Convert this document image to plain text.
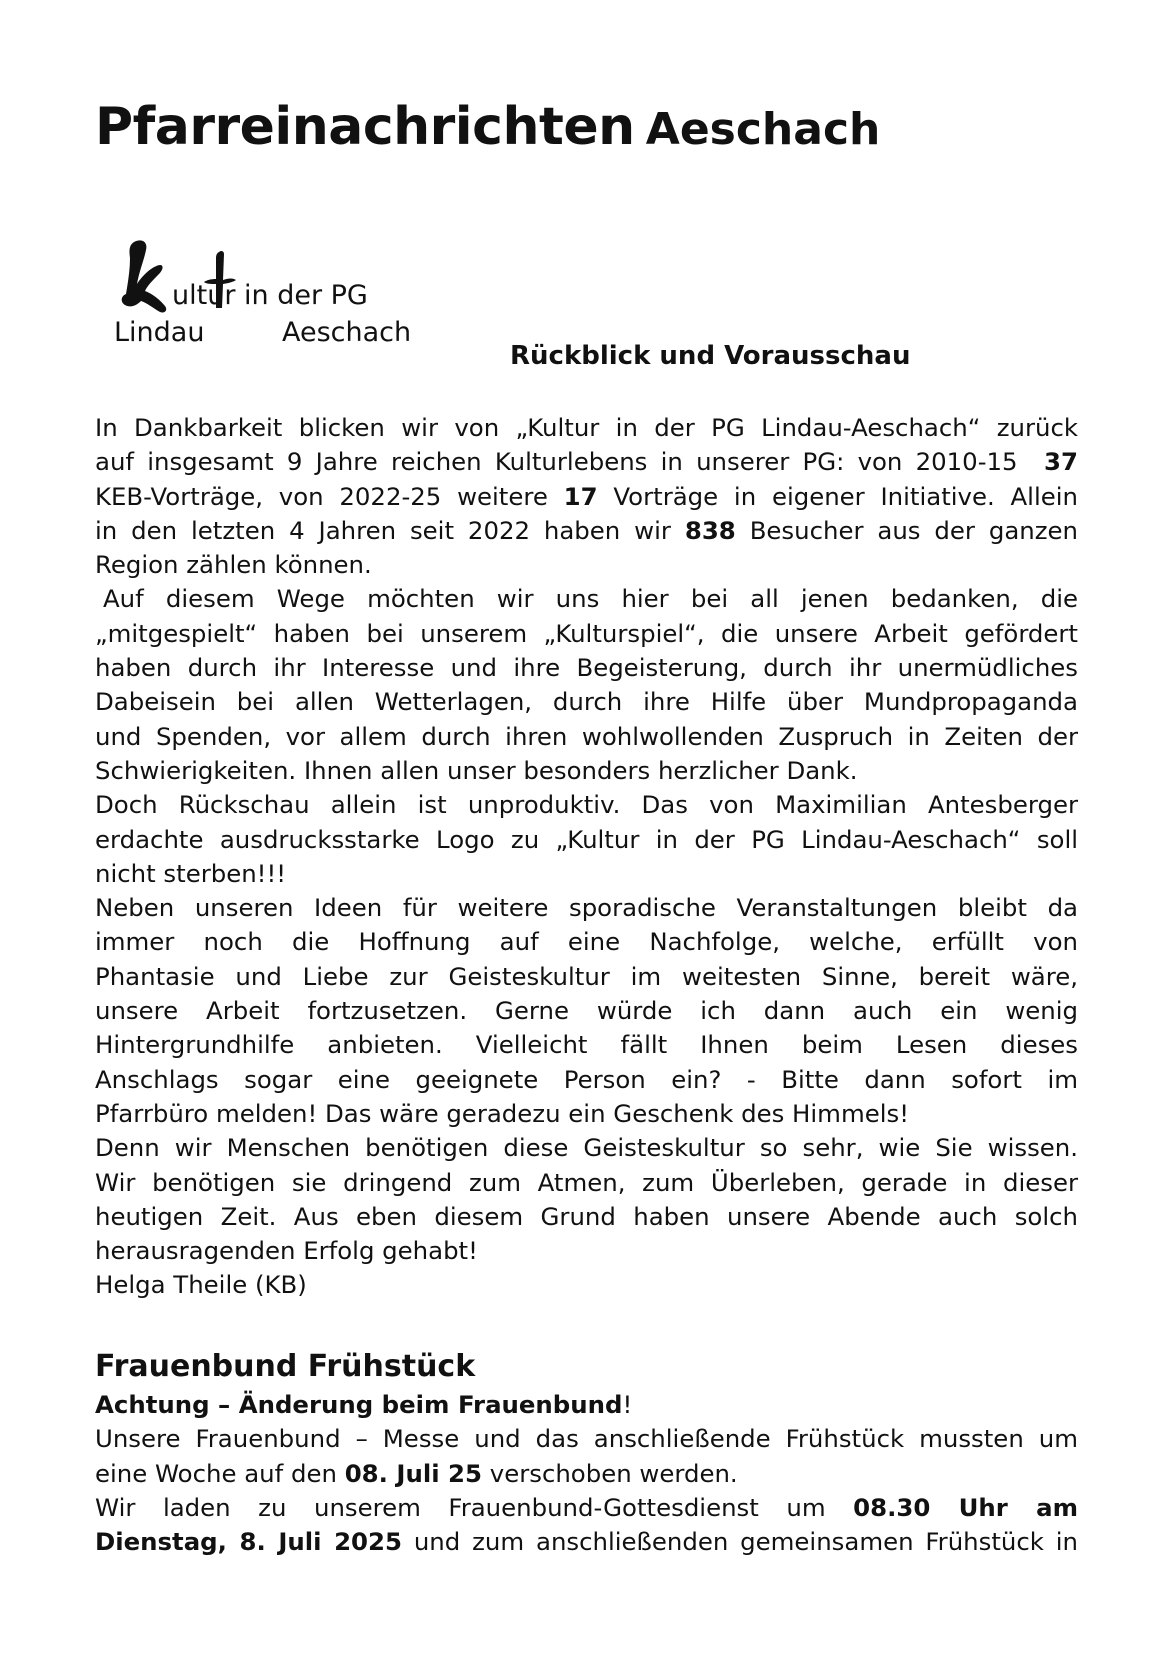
Pfarreinachrichten Aeschach
ultur in der PG
Lindau	Aeschach
Rückblick und Vorausschau

In Dankbarkeit blicken wir von „Kultur in der PG Lindau-Aeschach“ zurück

auf insgesamt 9 Jahre reichen Kulturlebens in unserer PG: von 2010-15 37

KEB-Vorträge, von 2022-25 weitere 17 Vorträge in eigener Initiative. Allein

in den letzten 4 Jahren seit 2022 haben wir 838 Besucher aus der ganzen

Region zählen können.

Auf diesem Wege möchten wir uns hier bei all jenen bedanken, die

„mitgespielt“ haben bei unserem „Kulturspiel“, die unsere Arbeit gefördert

haben durch ihr Interesse und ihre Begeisterung, durch ihr unermüdliches

Dabeisein bei allen Wetterlagen, durch ihre Hilfe über Mundpropaganda

und Spenden, vor allem durch ihren wohlwollenden Zuspruch in Zeiten der

Schwierigkeiten. Ihnen allen unser besonders herzlicher Dank.

Doch Rückschau allein ist unproduktiv. Das von Maximilian Antesberger

erdachte ausdrucksstarke Logo zu „Kultur in der PG Lindau-Aeschach“ soll

nicht sterben!!!

Neben unseren Ideen für weitere sporadische Veranstaltungen bleibt da

immer noch die Hoffnung auf eine Nachfolge, welche, erfüllt von

Phantasie und Liebe zur Geisteskultur im weitesten Sinne, bereit wäre,

unsere Arbeit fortzusetzen. Gerne würde ich dann auch ein wenig

Hintergrundhilfe anbieten. Vielleicht fällt Ihnen beim Lesen dieses

Anschlags sogar eine geeignete Person ein? - Bitte dann sofort im

Pfarrbüro melden! Das wäre geradezu ein Geschenk des Himmels!

Denn wir Menschen benötigen diese Geisteskultur so sehr, wie Sie wissen.

Wir benötigen sie dringend zum Atmen, zum Überleben, gerade in dieser

heutigen Zeit. Aus eben diesem Grund haben unsere Abende auch solch

herausragenden Erfolg gehabt!

Helga Theile (KB)

Frauenbund Frühstück

Achtung – Änderung beim Frauenbund!

Unsere Frauenbund – Messe und das anschließende Frühstück mussten um

eine Woche auf den 08. Juli 25 verschoben werden.

Wir laden zu unserem Frauenbund-Gottesdienst um 08.30 Uhr am

Dienstag, 8. Juli 2025 und zum anschließenden gemeinsamen Frühstück in
